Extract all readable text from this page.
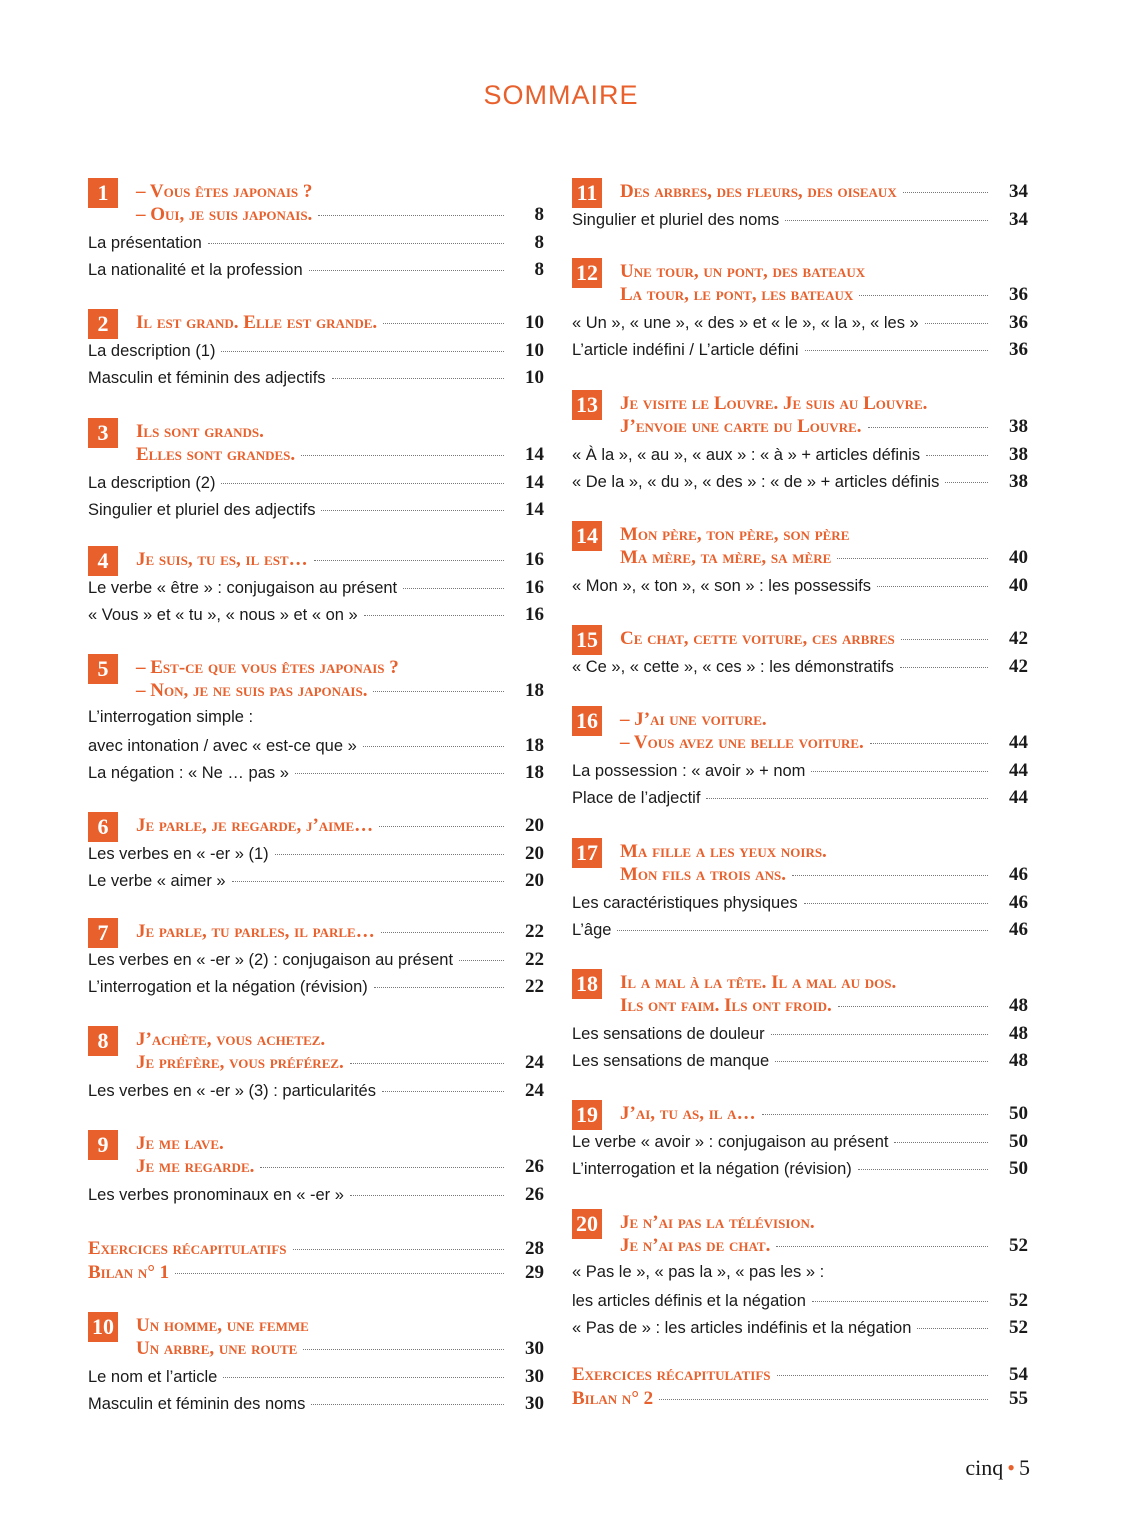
SOMMAIRE
1	– Vous êtes japonais ?
– Oui, je suis japonais.	8
La présentation	8
La nationalité et la profession	8
2	Il est grand. Elle est grande.	10
La description (1)	10
Masculin et féminin des adjectifs	10
3	Ils sont grands.
Elles sont grandes.	14
La description (2)	14
Singulier et pluriel des adjectifs	14
4	Je suis, tu es, il est…	16
Le verbe « être » : conjugaison au présent	16
« Vous » et « tu », « nous » et « on »	16
5	– Est-ce que vous êtes japonais ?
– Non, je ne suis pas japonais.	18
L’interrogation simple :
avec intonation / avec « est-ce que »	18
La négation : « Ne … pas »	18
6	Je parle, je regarde, j’aime…	20
Les verbes en « -er » (1)	20
Le verbe « aimer »	20
7	Je parle, tu parles, il parle…	22
Les verbes en « -er » (2) : conjugaison au présent	22
L’interrogation et la négation (révision)	22
8	J’achète, vous achetez.
Je préfère, vous préférez.	24
Les verbes en « -er » (3) : particularités	24
9	Je me lave.
Je me regarde.	26
Les verbes pronominaux en « -er »	26
10 Un homme, une femme
Un arbre, une route	30
Le nom et l’article	30
Masculin et féminin des noms	30
Exercices récapitulatifs	28
Bilan n° 1	29
11 Des arbres, des fleurs, des oiseaux	34
Singulier et pluriel des noms	34
12 Une tour, un pont, des bateaux
La tour, le pont, les bateaux	36
« Un », « une », « des » et « le », « la », « les »	36
L’article indéfini / L’article défini	36
13 Je visite le Louvre. Je suis au Louvre.
J’envoie une carte du Louvre.	38
« À la », « au », « aux » : « à » + articles définis	38
« De la », « du », « des » : « de » + articles définis	38
14 Mon père, ton père, son père
Ma mère, ta mère, sa mère	40
« Mon », « ton », « son » : les possessifs	40
15 Ce chat, cette voiture, ces arbres	42
« Ce », « cette », « ces » : les démonstratifs	42
16 – J’ai une voiture.
– Vous avez une belle voiture.	44
La possession : « avoir » + nom	44
Place de l’adjectif	44
17 Ma fille a les yeux noirs.
Mon fils a trois ans.	46
Les caractéristiques physiques	46
L’âge	46
18 Il a mal à la tête. Il a mal au dos.
Ils ont faim. Ils ont froid.	48
Les sensations de douleur	48
Les sensations de manque	48
19 J’ai, tu as, il a…	50
Le verbe « avoir » : conjugaison au présent	50
L’interrogation et la négation (révision)	50
20 Je n’ai pas la télévision.
Je n’ai pas de chat.	52
« Pas le », « pas la », « pas les » :
les articles définis et la négation	52
« Pas de » : les articles indéfinis et la négation	52
Exercices récapitulatifs	54
Bilan n° 2	55
cinq • 5
